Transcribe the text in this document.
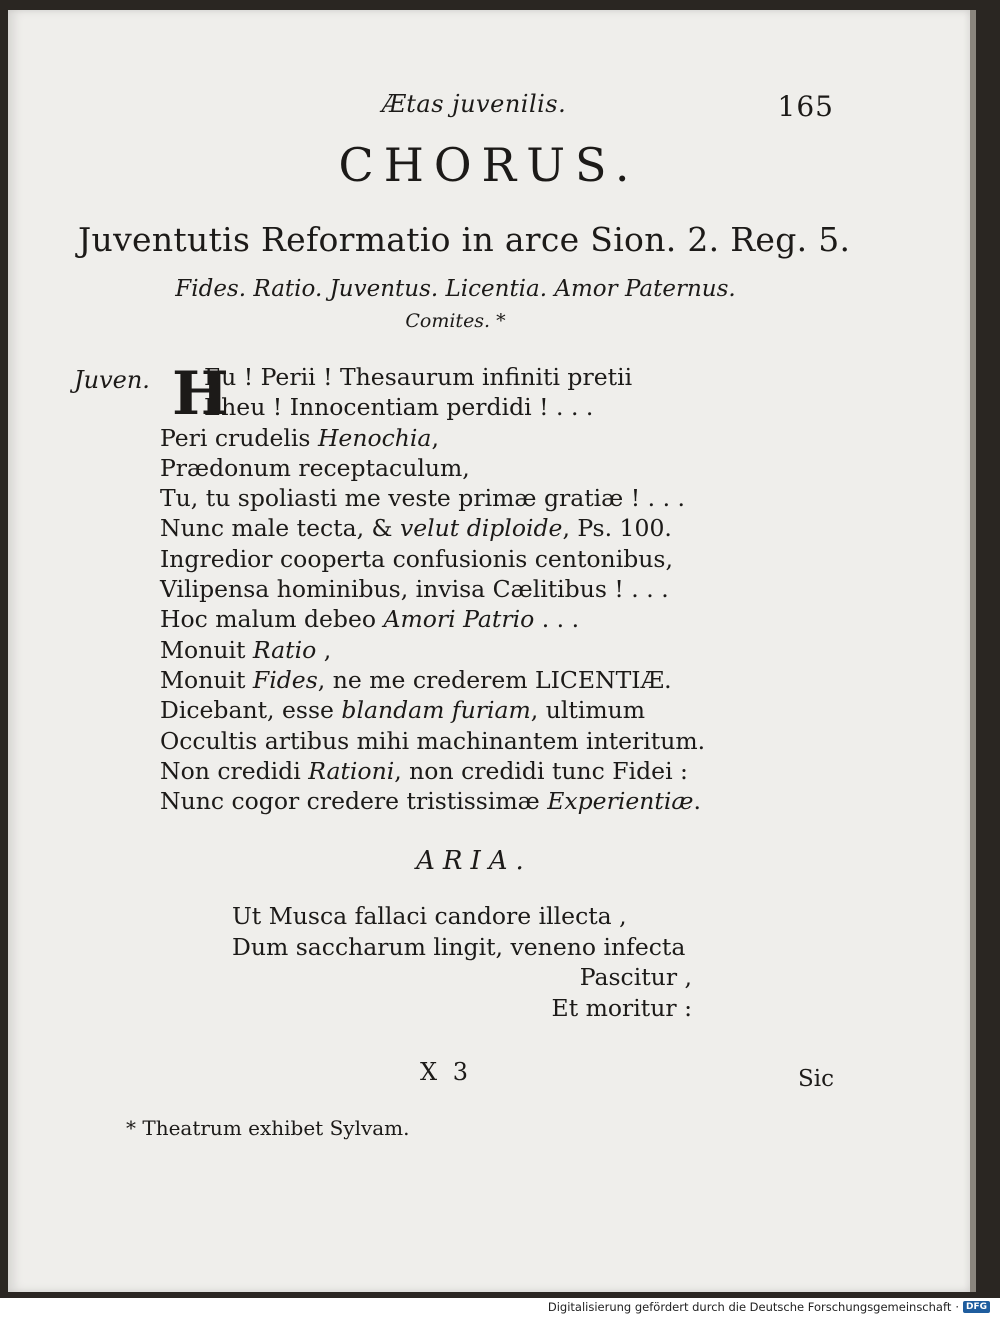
Ætas juvenilis.	165
CHORUS.
Juventutis Reformatio in arce Sion. 2. Reg. 5.
Fides. Ratio. Juventus. Licentia. Amor Paternus.
Comites. *
Juven. H
Eu ! Perii ! Thesaurum infiniti pretii
Eheu ! Innocentiam perdidi ! . . .
Peri crudelis Henochia,
Prædonum receptaculum,
Tu, tu spoliasti me veste primæ gratiæ ! . . .
Nunc male tecta, & velut diploide, Ps. 100.
Ingredior cooperta confusionis centonibus,
Vilipensa hominibus, invisa Cælitibus ! . . .
Hoc malum debeo Amori Patrio . . .
Monuit Ratio ,
Monuit Fides, ne me crederem LICENTIÆ.
Dicebant, esse blandam furiam, ultimum
Occultis artibus mihi machinantem interitum.
Non credidi Rationi, non credidi tunc Fidei :
Nunc cogor credere tristissimæ Experientiæ.
ARIA.
Ut Musca fallaci candore illecta ,
Dum saccharum lingit, veneno infecta
Pascitur ,
Et moritur :
X 3	Sic
* Theatrum exhibet Sylvam.
Digitalisierung gefördert durch die Deutsche Forschungsgemeinschaft · DFG
